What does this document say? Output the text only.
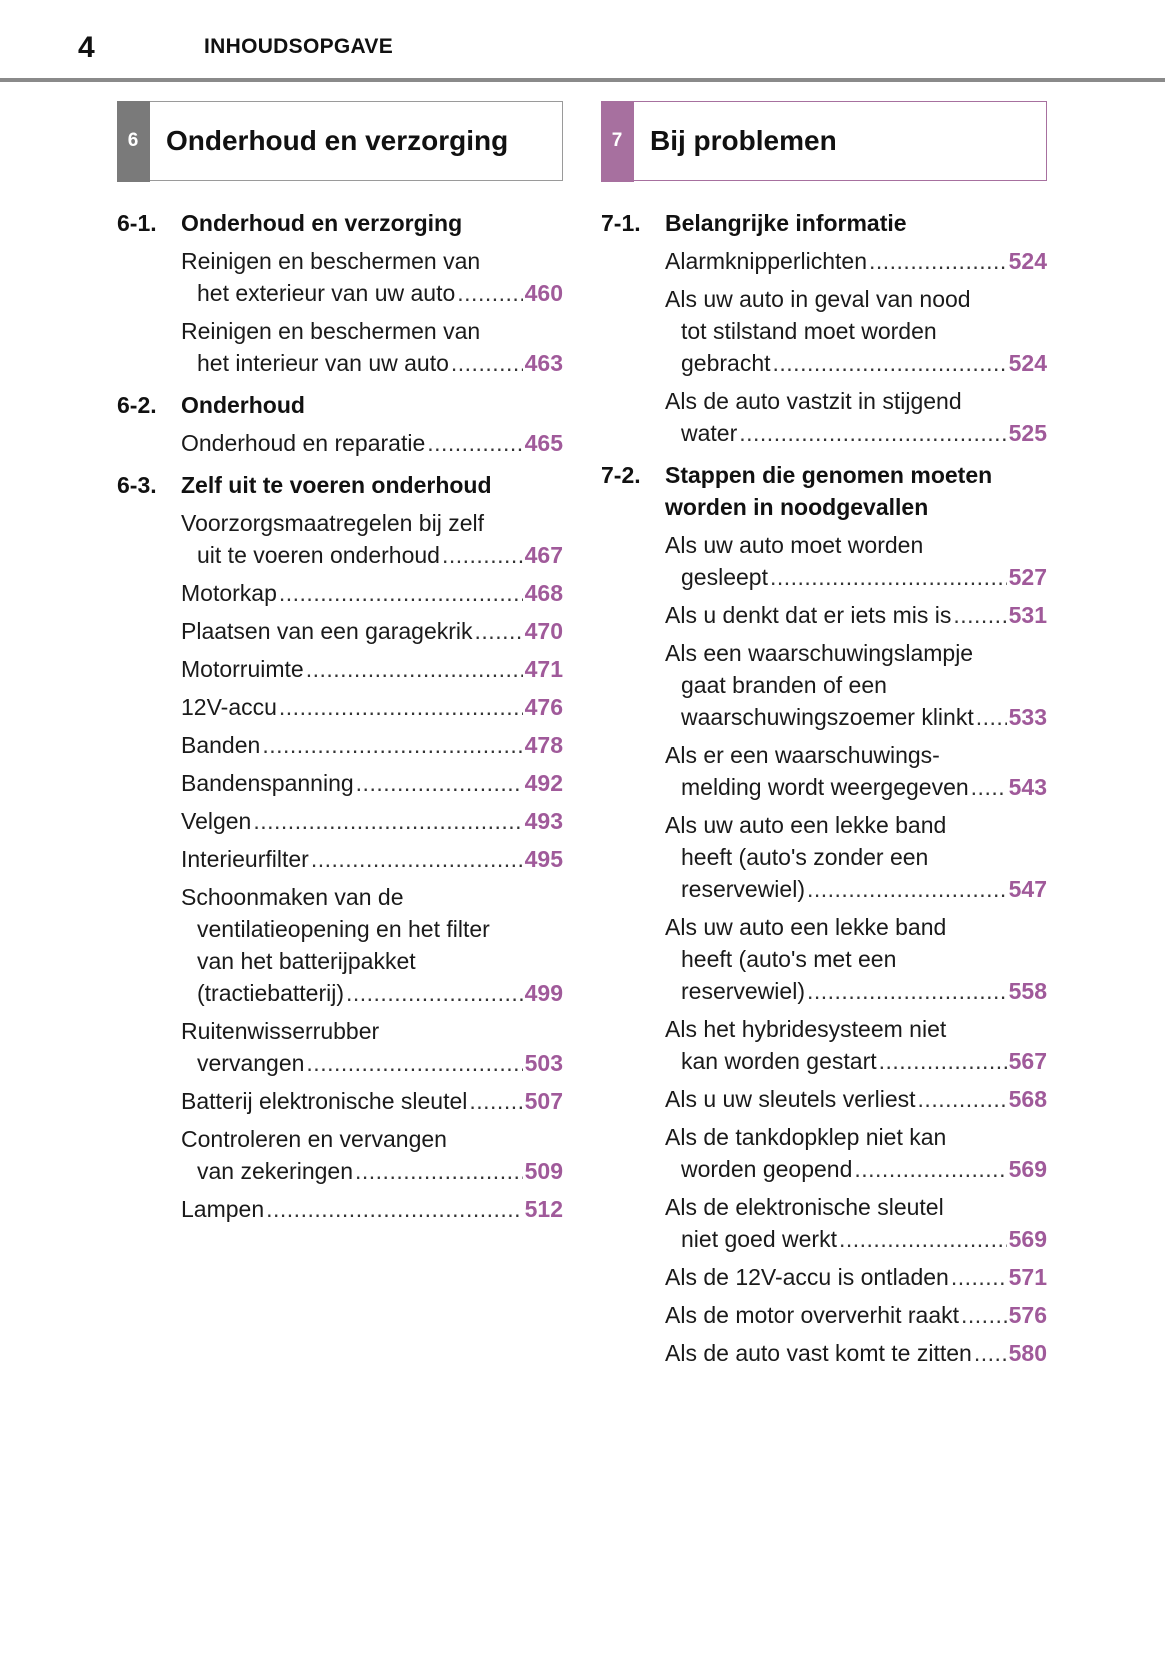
4	INHOUDSOPGAVE
6 Onderhoud en verzorging
6-1.	Onderhoud en verzorging
Reinigen en beschermen van
het exterieur van uw auto .....	460
Reinigen en beschermen van
het interieur van uw auto .....	463
6-2.	Onderhoud
Onderhoud en reparatie .....	465
6-3.	Zelf uit te voeren onderhoud
Voorzorgsmaatregelen bij zelf
uit te voeren onderhoud .....	467
Motorkap .....	468
Plaatsen van een garagekrik ..... 470
Motorruimte .....	471
12V-accu .....	476
Banden .....	478
Bandenspanning .....	492
Velgen .....	493
Interieurfilter .....	495
Schoonmaken van de
ventilatieopening en het filter
van het batterijpakket
(tractiebatterij) .....	499
Ruitenwisserrubber
vervangen .....	503
Batterij elektronische sleutel ..... 507
Controleren en vervangen
van zekeringen .....	509
Lampen .....	512
7 Bij problemen
7-1.	Belangrijke informatie
Alarmknipperlichten .....	524
Als uw auto in geval van nood
tot stilstand moet worden
gebracht .....	524
Als de auto vastzit in stijgend
water .....	525
7-2.	Stappen die genomen moeten
worden in noodgevallen
Als uw auto moet worden
gesleept .....	527
Als u denkt dat er iets mis is ..... 531
Als een waarschuwingslampje
gaat branden of een
waarschuwingszoemer klinkt ..... 533
Als er een waarschuwings-
melding wordt weergegeven ..... 543
Als uw auto een lekke band
heeft (auto's zonder een
reservewiel) .....	547
Als uw auto een lekke band
heeft (auto's met een
reservewiel) .....	558
Als het hybridesysteem niet
kan worden gestart .....	567
Als u uw sleutels verliest .....	568
Als de tankdopklep niet kan
worden geopend .....	569
Als de elektronische sleutel
niet goed werkt .....	569
Als de 12V-accu is ontladen .....	571
Als de motor oververhit raakt ..... 576
Als de auto vast komt te zitten ..... 580
